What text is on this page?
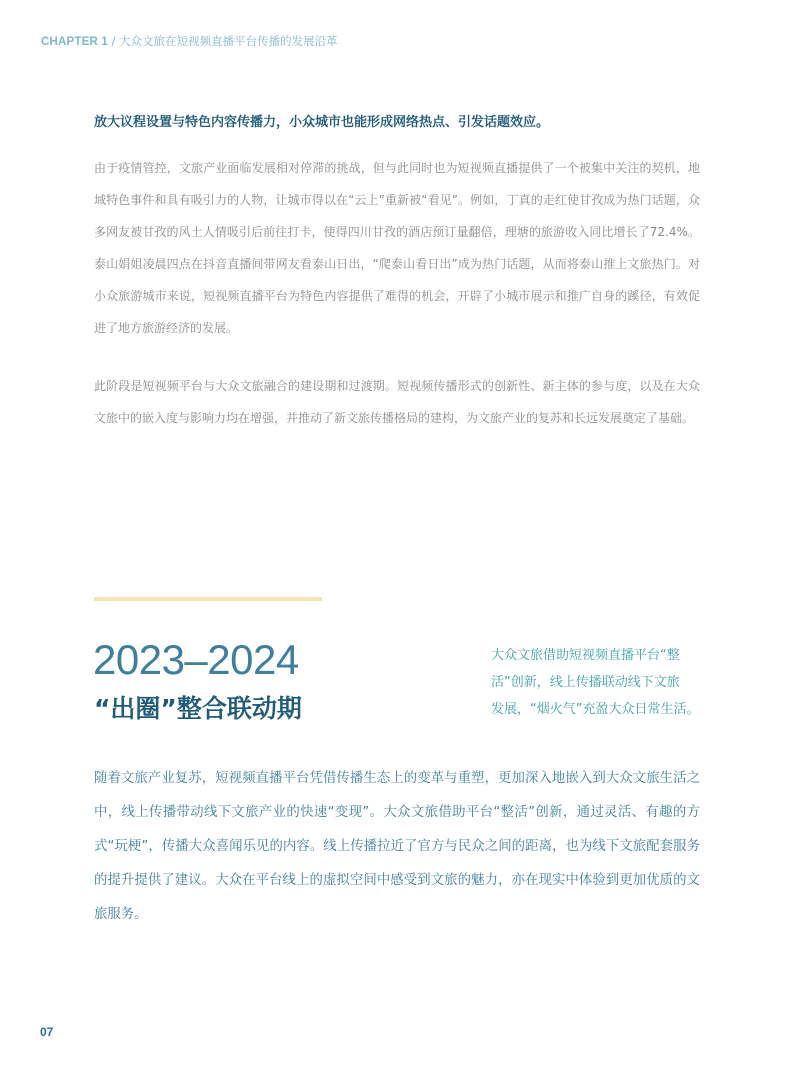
CHAPTER 1 / 大众文旅在短视频直播平台传播的发展沿革
放大议程设置与特色内容传播力，小众城市也能形成网络热点、引发话题效应。

由于疫情管控，文旅产业面临发展相对停滞的挑战，但与此同时也为短视频直播提供了一个被集中关注的契机，地域特色事件和具有吸引力的人物，让城市得以在“云上”重新被“看见”。例如，丁真的走红使甘孜成为热门话题，众多网友被甘孜的风土人情吸引后前往打卡，使得四川甘孜的酒店预订量翻倍，理塘的旅游收入同比增长了72.4%。泰山娟姐凌晨四点在抖音直播间带网友看泰山日出，“爬泰山看日出”成为热门话题，从而将泰山推上文旅热门。对小众旅游城市来说，短视频直播平台为特色内容提供了难得的机会，开辟了小城市展示和推广自身的蹊径，有效促进了地方旅游经济的发展。

此阶段是短视频平台与大众文旅融合的建设期和过渡期。短视频传播形式的创新性、新主体的参与度，以及在大众文旅中的嵌入度与影响力均在增强，并推动了新文旅传播格局的建构，为文旅产业的复苏和长远发展奠定了基础。

2023–2024
“出圈”整合联动期
大众文旅借助短视频直播平台“整
活”创新，线上传播联动线下文旅
发展，“烟火气”充盈大众日常生活。

随着文旅产业复苏，短视频直播平台凭借传播生态上的变革与重塑，更加深入地嵌入到大众文旅生活之中，线上传播带动线下文旅产业的快速“变现”。大众文旅借助平台“整活”创新，通过灵活、有趣的方式“玩梗”，传播大众喜闻乐见的内容。线上传播拉近了官方与民众之间的距离，也为线下文旅配套服务的提升提供了建议。大众在平台线上的虚拟空间中感受到文旅的魅力，亦在现实中体验到更加优质的文旅服务。

07
